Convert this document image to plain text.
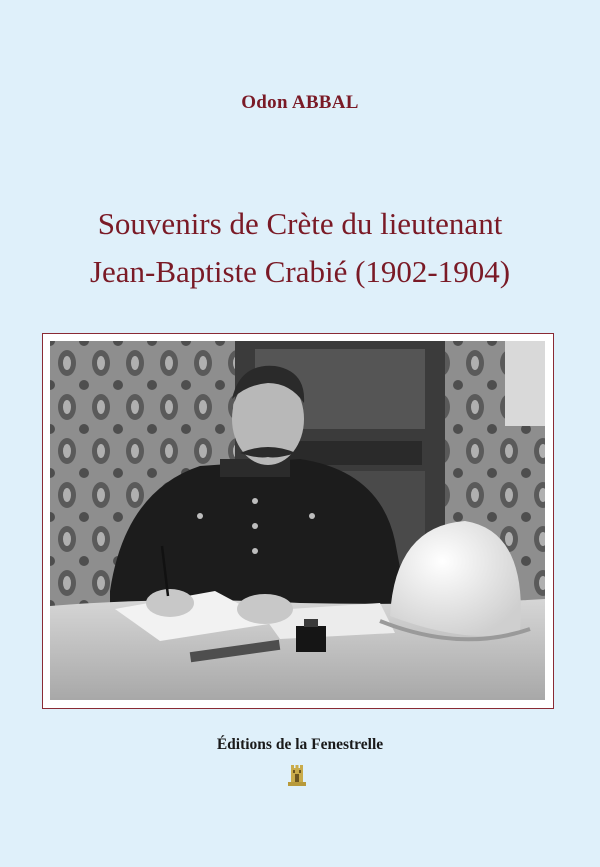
Odon ABBAL
Souvenirs de Crète du lieutenant
Jean-Baptiste Crabié (1902-1904)
Éditions de la Fenestrelle
